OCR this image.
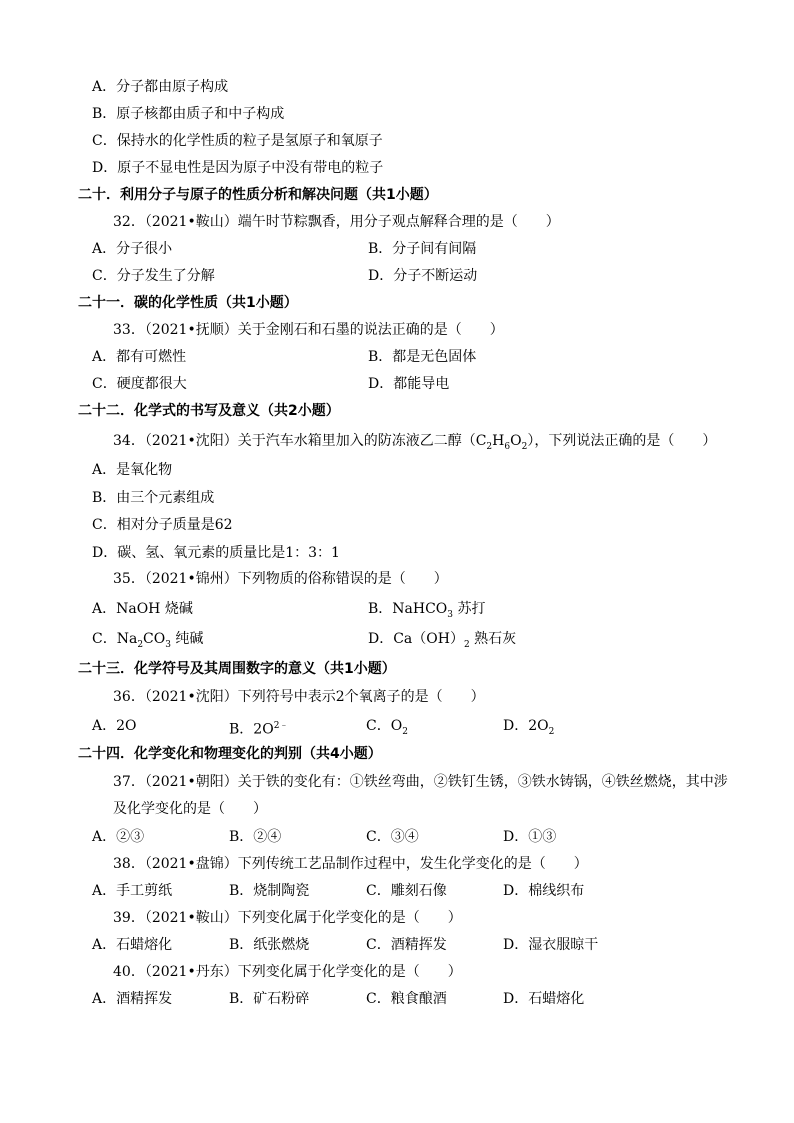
A．分子都由原子构成
B．原子核都由质子和中子构成
C．保持水的化学性质的粒子是氢原子和氧原子
D．原子不显电性是因为原子中没有带电的粒子
二十．利用分子与原子的性质分析和解决问题（共1小题）
32．（2021•鞍山）端午时节粽飘香，用分子观点解释合理的是（　　）
A．分子很小	B．分子间有间隔
C．分子发生了分解	D．分子不断运动
二十一．碳的化学性质（共1小题）
33．（2021•抚顺）关于金刚石和石墨的说法正确的是（　　）
A．都有可燃性	B．都是无色固体
C．硬度都很大	D．都能导电
二十二．化学式的书写及意义（共2小题）
34．（2021•沈阳）关于汽车水箱里加入的防冻液乙二醇$(C_2H_6O_2)$，下列说法正确的是（　　）
A．是氧化物
B．由三个元素组成
C．相对分子质量是62
D．碳、氢、氧元素的质量比是1：3：1
35．（2021•锦州）下列物质的俗称错误的是（　　）
A．NaOH 烧碱	B．NaHCO$_3$ 苏打
C．$Na_2CO_3$ 纯碱	D．$Ca(OH)_2$ 熟石灰
二十三．化学符号及其周围数字的意义（共1小题）
36．（2021•沈阳）下列符号中表示2个氧离子的是（　　）
A．2O	B．$2O^{2﹣}$	C．$O_2$	D．$2O_2$
二十四．化学变化和物理变化的判别（共4小题）
37．（2021•朝阳）关于铁的变化有：①铁丝弯曲，②铁钉生锈，③铁水铸锅，④铁丝燃烧，其中涉
及化学变化的是（　　）
A．②③	B．②④	C．③④	D．①③
38．（2021•盘锦）下列传统工艺品制作过程中，发生化学变化的是（　　）
A．手工剪纸	B．烧制陶瓷	C．雕刻石像	D．棉线织布
39．（2021•鞍山）下列变化属于化学变化的是（　　）
A．石蜡熔化	B．纸张燃烧	C．酒精挥发	D．湿衣服晾干
40．（2021•丹东）下列变化属于化学变化的是（　　）
A．酒精挥发	B．矿石粉碎	C．粮食酿酒	D．石蜡熔化
